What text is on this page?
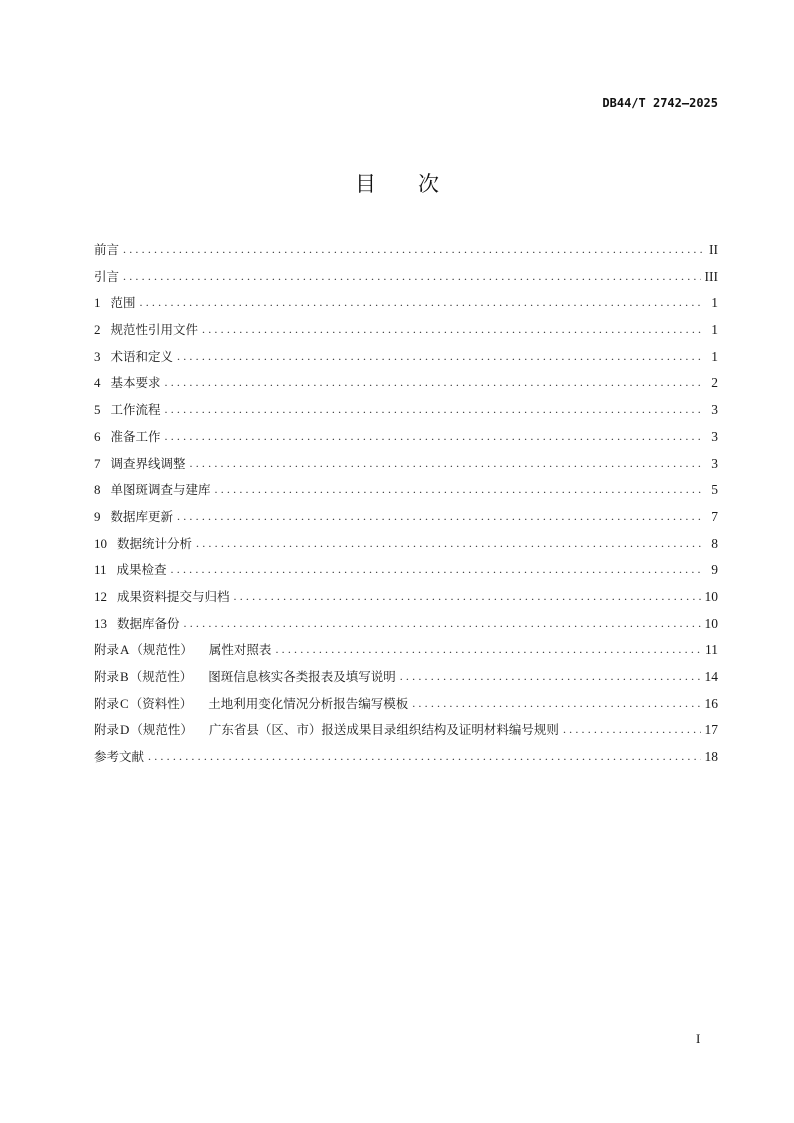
DB44/T 2742—2025
目 次
前言 .....	II
引言 .....	III
1 范围 .....	1
2 规范性引用文件 .....	1
3 术语和定义 .....	1
4 基本要求 .....	2
5 工作流程 .....	3
6 准备工作 .....	3
7 调查界线调整 .....	3
8 单图斑调查与建库 .....	5
9 数据库更新 .....	7
10 数据统计分析 .....	8
11 成果检查 .....	9
12 成果资料提交与归档 .....	10
13 数据库备份 .....	10
附录A（规范性） 属性对照表 .....	11
附录B（规范性） 图斑信息核实各类报表及填写说明 .....	14
附录C（资料性） 土地利用变化情况分析报告编写模板 .....	16
附录D（规范性） 广东省县（区、市）报送成果目录组织结构及证明材料编号规则 .....	17
参考文献 .....	18
I
